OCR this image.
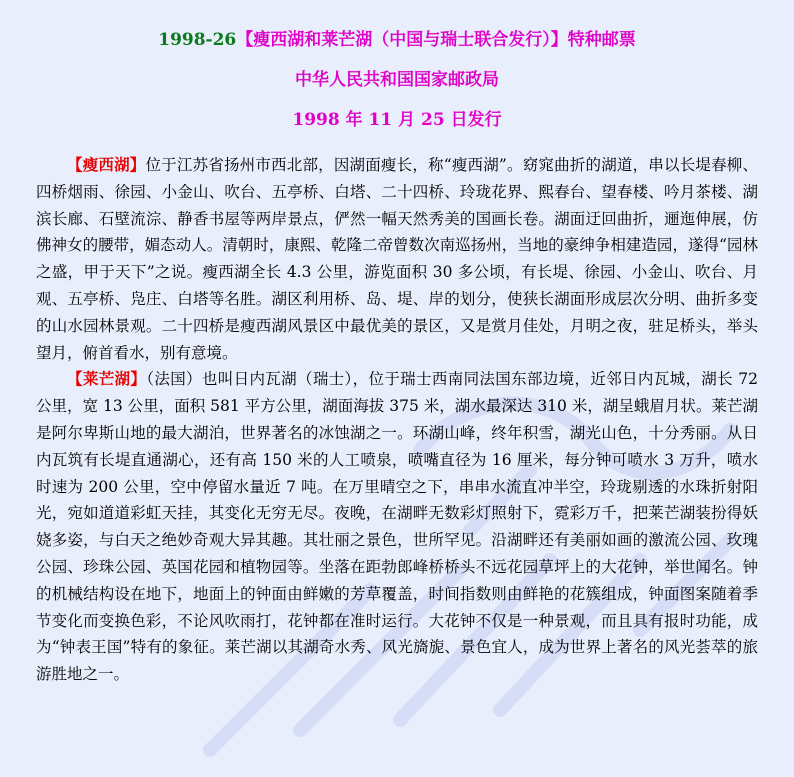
1998-26【瘦西湖和莱芒湖（中国与瑞士联合发行）】特种邮票
中华人民共和国国家邮政局
1998 年 11 月 25 日发行

【瘦西湖】位于江苏省扬州市西北部，因湖面瘦长，称“瘦西湖”。窈窕曲折的湖道，串以长堤春柳、四桥烟雨、徐园、小金山、吹台、五亭桥、白塔、二十四桥、玲珑花界、熙春台、望春楼、吟月茶楼、湖滨长廊、石壁流淙、静香书屋等两岸景点，俨然一幅天然秀美的国画长卷。湖面迂回曲折，逦迤伸展，仿佛神女的腰带，媚态动人。清朝时，康熙、乾隆二帝曾数次南巡扬州，当地的豪绅争相建造园，遂得“园林之盛，甲于天下”之说。瘦西湖全长 4.3 公里，游览面积 30 多公顷，有长堤、徐园、小金山、吹台、月观、五亭桥、凫庄、白塔等名胜。湖区利用桥、岛、堤、岸的划分，使狭长湖面形成层次分明、曲折多变的山水园林景观。二十四桥是瘦西湖风景区中最优美的景区，又是赏月佳处，月明之夜，驻足桥头，举头望月，俯首看水，别有意境。

【莱芒湖】（法国）也叫日内瓦湖（瑞士），位于瑞士西南同法国东部边境，近邻日内瓦城，湖长 72 公里，宽 13 公里，面积 581 平方公里，湖面海拔 375 米，湖水最深达 310 米，湖呈蛾眉月状。莱芒湖是阿尔卑斯山地的最大湖泊，世界著名的冰蚀湖之一。环湖山峰，终年积雪，湖光山色，十分秀丽。从日内瓦筑有长堤直通湖心，还有高 150 米的人工喷泉，喷嘴直径为 16 厘米，每分钟可喷水 3 万升，喷水时速为 200 公里，空中停留水量近 7 吨。在万里晴空之下，串串水流直冲半空，玲珑剔透的水珠折射阳光，宛如道道彩虹天挂，其变化无穷无尽。夜晚，在湖畔无数彩灯照射下，霓彩万千，把莱芒湖装扮得妖娆多姿，与白天之绝妙奇观大异其趣。其壮丽之景色，世所罕见。沿湖畔还有美丽如画的激流公园、玫瑰公园、珍珠公园、英国花园和植物园等。坐落在距勃郎峰桥桥头不远花园草坪上的大花钟，举世闻名。钟的机械结构设在地下，地面上的钟面由鲜嫩的芳草覆盖，时间指数则由鲜艳的花簇组成，钟面图案随着季节变化而变换色彩，不论风吹雨打，花钟都在准时运行。大花钟不仅是一种景观，而且具有报时功能，成为“钟表王国”特有的象征。莱芒湖以其湖奇水秀、风光旖旎、景色宜人，成为世界上著名的风光荟萃的旅游胜地之一。
